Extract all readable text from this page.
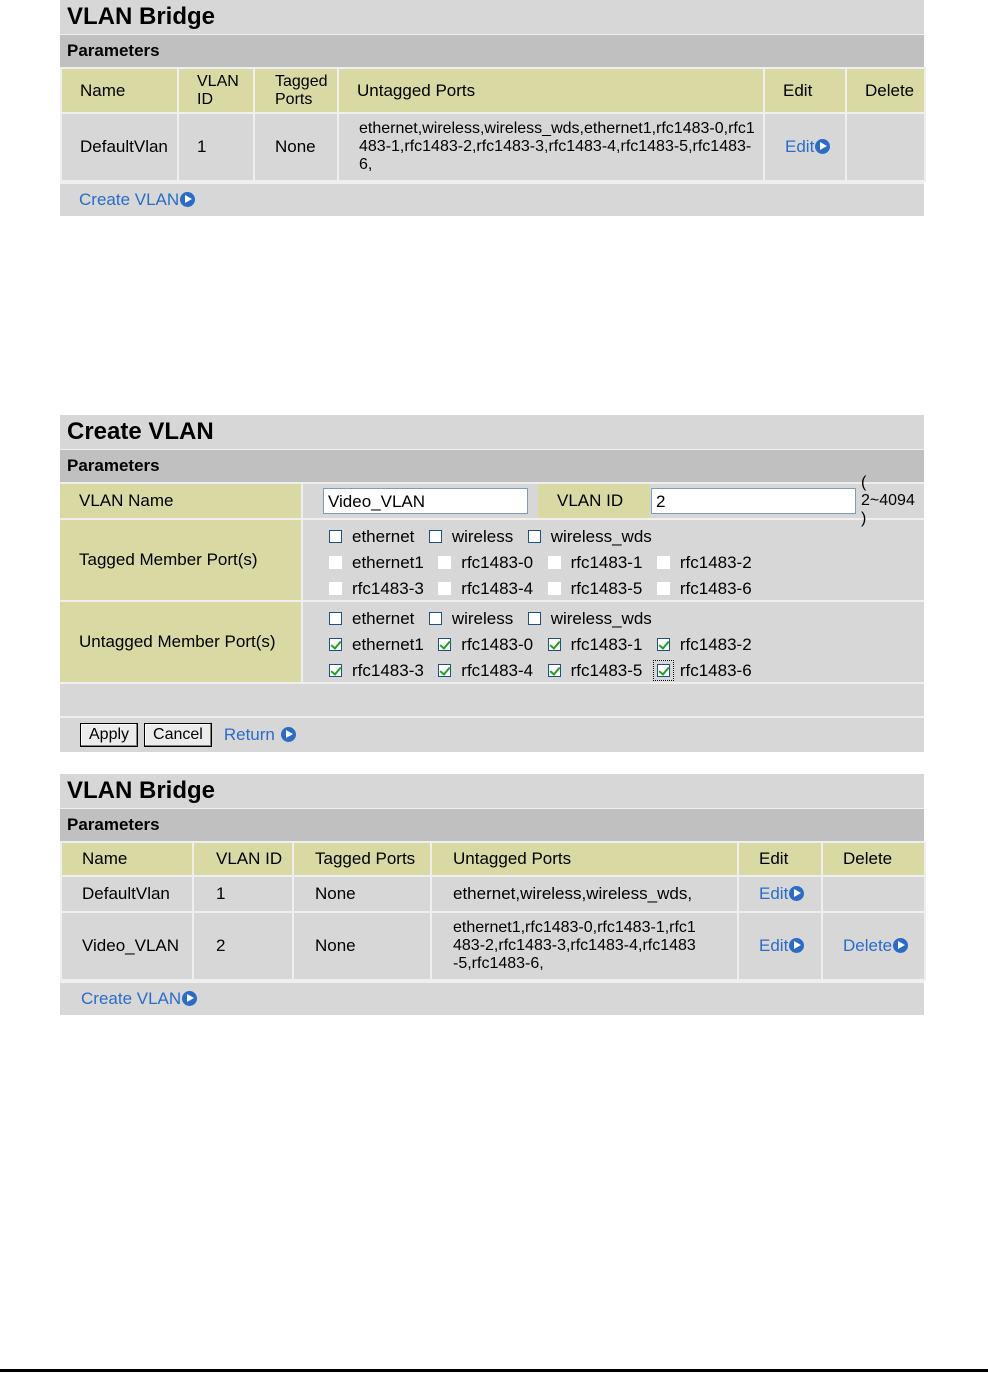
VLAN Bridge
Parameters
Name	VLAN ID	Tagged Ports	Untagged Ports	Edit	Delete
DefaultVlan	1	None	ethernet,wireless,wireless_wds,ethernet1,rfc1483-0,rfc1483-1,rfc1483-2,rfc1483-3,rfc1483-4,rfc1483-5,rfc1483-6,	Edit	
Create VLAN
Create VLAN
Parameters
VLAN Name	Video_VLAN	VLAN ID	2
( 2~4094 )
Tagged Member Port(s)
ethernet wireless wireless_wds
ethernet1 rfc1483-0 rfc1483-1 rfc1483-2
rfc1483-3 rfc1483-4 rfc1483-5 rfc1483-6
Untagged Member Port(s)
ethernet wireless wireless_wds
ethernet1 rfc1483-0 rfc1483-1 rfc1483-2
rfc1483-3 rfc1483-4 rfc1483-5 rfc1483-6
Apply	Cancel	Return
VLAN Bridge
Parameters
Name	VLAN ID	Tagged Ports	Untagged Ports	Edit	Delete
DefaultVlan	1	None	ethernet,wireless,wireless_wds,	Edit	
Video_VLAN	2	None	ethernet1,rfc1483-0,rfc1483-1,rfc1483-2,rfc1483-3,rfc1483-4,rfc1483-5,rfc1483-6,	Edit	Delete
Create VLAN
